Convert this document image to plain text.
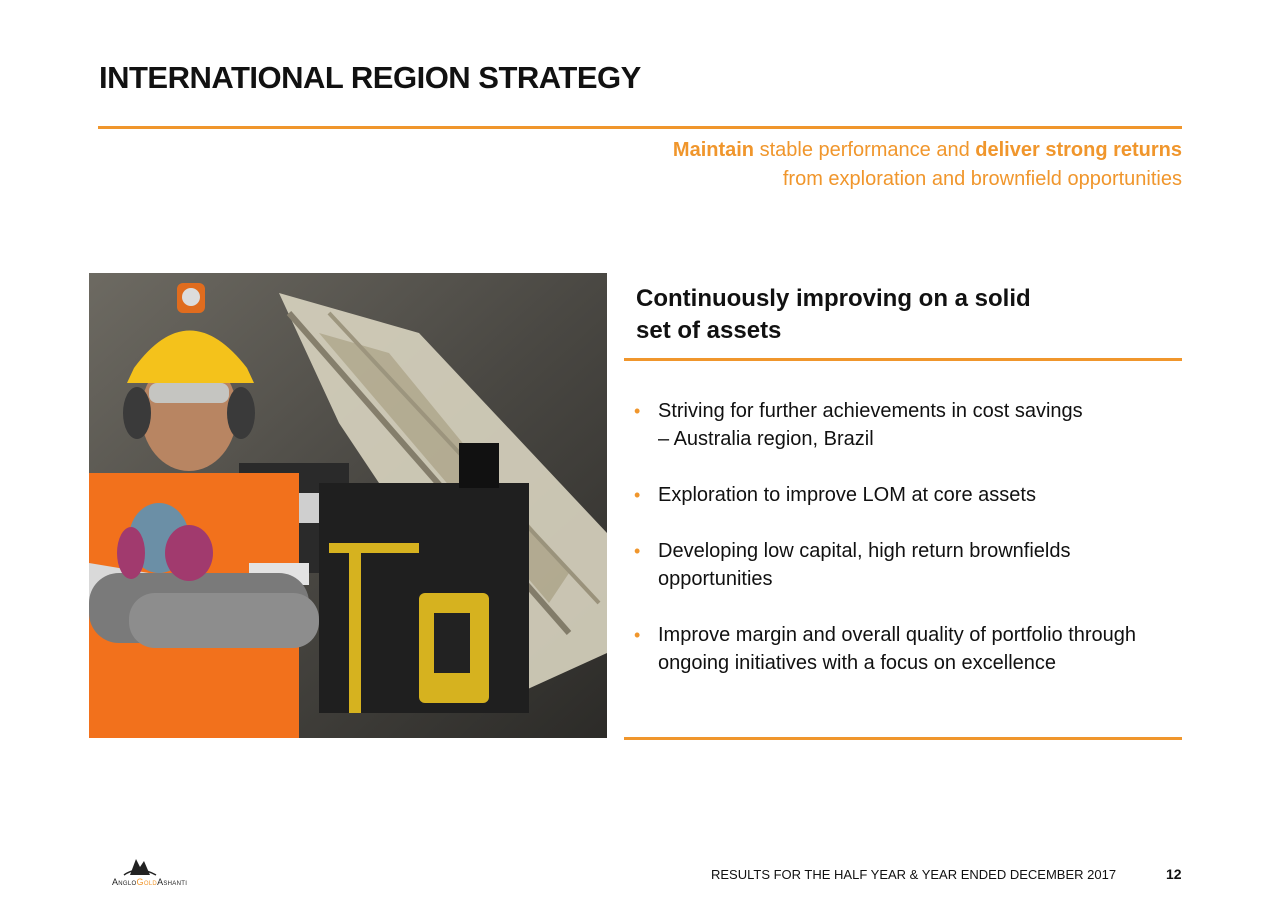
INTERNATIONAL REGION STRATEGY
Maintain stable performance and deliver strong returns
from exploration and brownfield opportunities
Continuously improving on a solid
set of assets
• Striving for further achievements in cost savings
– Australia region, Brazil
• Exploration to improve LOM at core assets
• Developing low capital, high return brownfields opportunities
• Improve margin and overall quality of portfolio through ongoing initiatives with a focus on excellence
AngloGoldAshanti	RESULTS FOR THE HALF YEAR & YEAR ENDED DECEMBER 2017	12
